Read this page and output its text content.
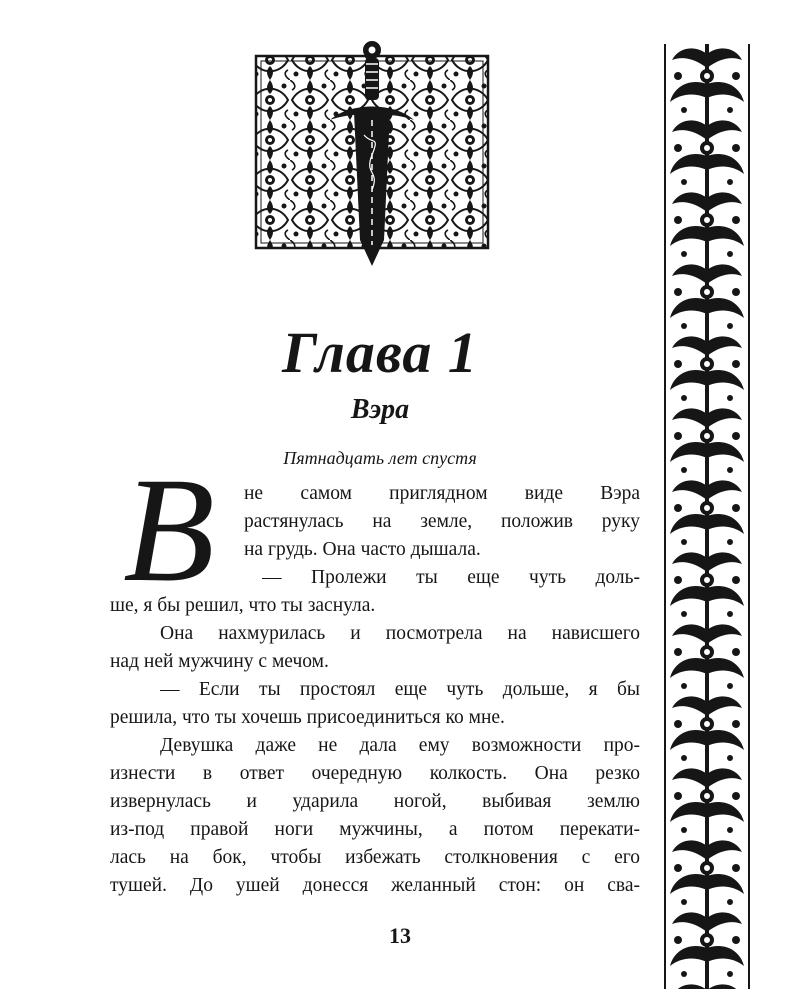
Глава 1
Вэра
Пятнадцать лет спустя
В	не самом приглядном виде Вэра
растянулась на земле, положив руку
на грудь. Она часто дышала.
— Пролежи ты еще чуть доль-
ше, я бы решил, что ты заснула.
Она нахмурилась и посмотрела на нависшего
над ней мужчину с мечом.
— Если ты простоял еще чуть дольше, я бы
решила, что ты хочешь присоединиться ко мне.
Девушка даже не дала ему возможности про-
изнести в ответ очередную колкость. Она резко
извернулась и ударила ногой, выбивая землю
из-под правой ноги мужчины, а потом перекати-
лась на бок, чтобы избежать столкновения с его
тушей. До ушей донесся желанный стон: он сва-
13
